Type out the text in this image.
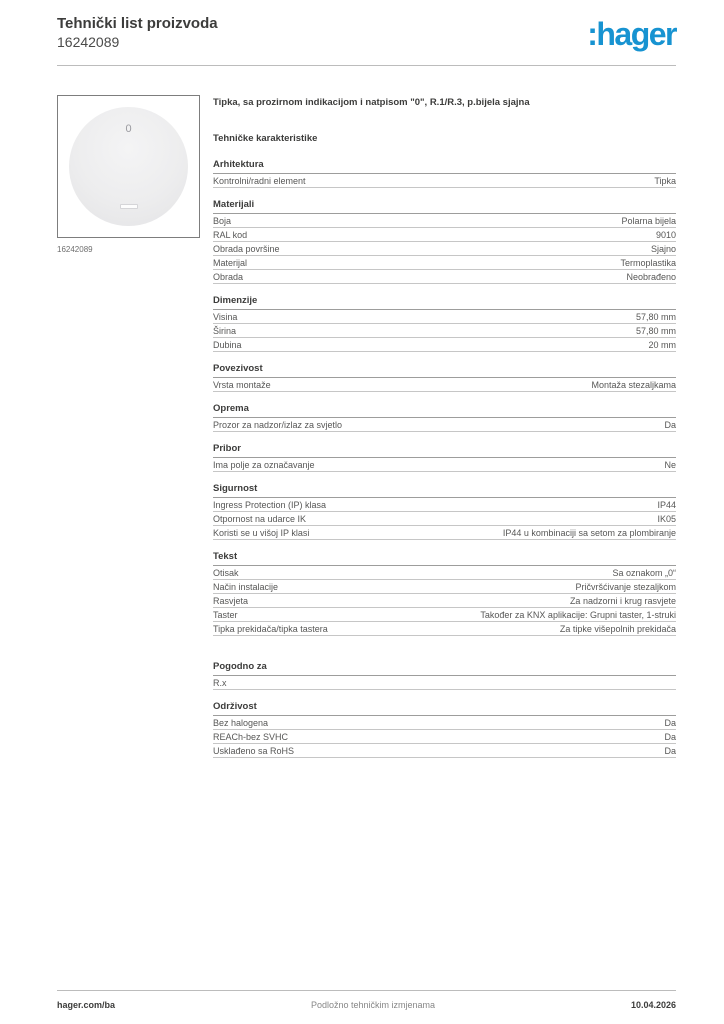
Tehnički list proizvoda
16242089	:hager
0
16242089
Tipka, sa prozirnom indikacijom i natpisom "0", R.1/R.3, p.bijela sjajna
Tehničke karakteristike
Arhitektura
Kontrolni/radni element	Tipka
Materijali
Boja	Polarna bijela
RAL kod	9010
Obrada površine	Sjajno
Materijal	Termoplastika
Obrada	Neobrađeno
Dimenzije
Visina	57,80 mm
Širina	57,80 mm
Dubina	20 mm
Povezivost
Vrsta montaže	Montaža stezaljkama
Oprema
Prozor za nadzor/izlaz za svjetlo	Da
Pribor
Ima polje za označavanje	Ne
Sigurnost
Ingress Protection (IP) klasa	IP44
Otpornost na udarce IK	IK05
Koristi se u višoj IP klasi	IP44 u kombinaciji sa setom za plombiranje
Tekst
Otisak	Sa oznakom „0“
Način instalacije	Pričvršćivanje stezaljkom
Rasvjeta	Za nadzorni i krug rasvjete
Taster	Također za KNX aplikacije: Grupni taster, 1-struki
Tipka prekidača/tipka tastera	Za tipke višepolnih prekidača
Pogodno za
R.x
Održivost
Bez halogena	Da
REACh-bez SVHC	Da
Usklađeno sa RoHS	Da
hager.com/ba	Podložno tehničkim izmjenama	10.04.2026
